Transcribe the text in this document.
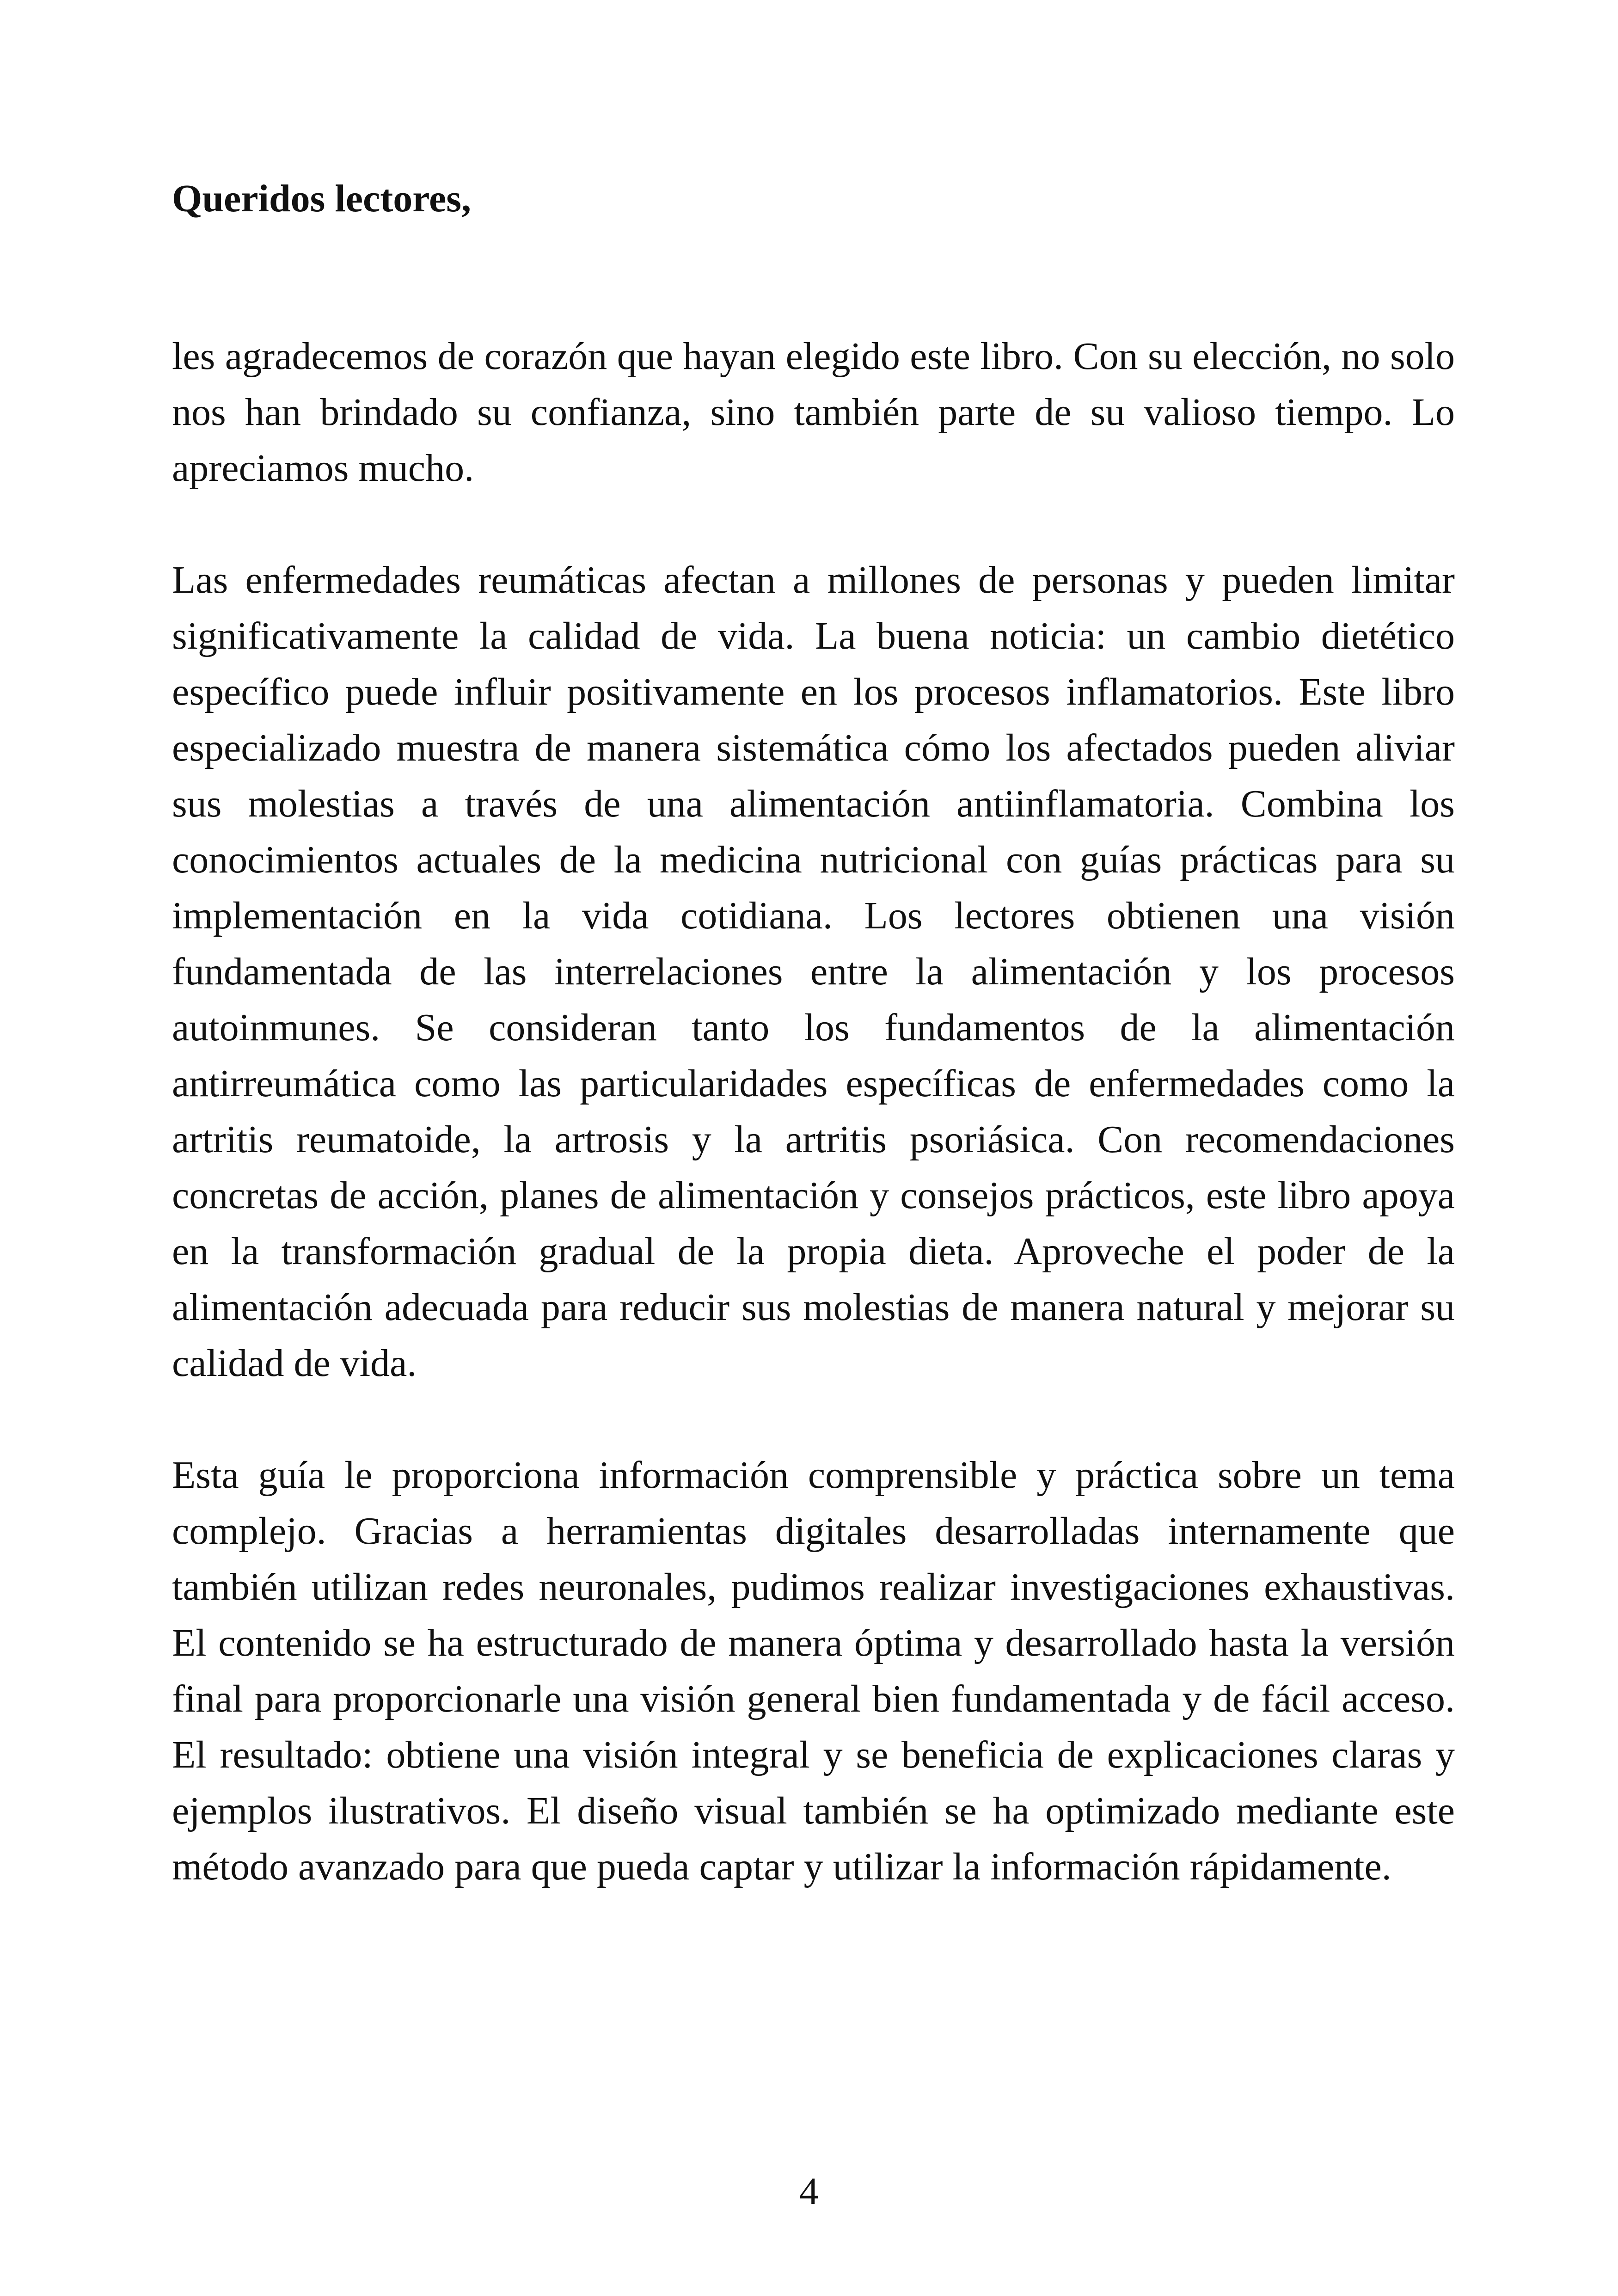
Queridos lectores,

les agradecemos de corazón que hayan elegido este libro. Con su elección, no solo nos han brindado su confianza, sino también parte de su valioso tiempo. Lo apreciamos mucho.

Las enfermedades reumáticas afectan a millones de personas y pueden limitar significativamente la calidad de vida. La buena noticia: un cambio dietético específico puede influir positivamente en los procesos inflamatorios. Este libro especializado muestra de manera sistemática cómo los afectados pueden aliviar sus molestias a través de una alimentación antiinflamatoria. Combina los conocimientos actuales de la medicina nutricional con guías prácticas para su implementación en la vida cotidiana. Los lectores obtienen una visión fundamentada de las interrelaciones entre la alimentación y los procesos autoinmunes. Se consideran tanto los fundamentos de la alimentación antirreumática como las particularidades específicas de enfermedades como la artritis reumatoide, la artrosis y la artritis psoriásica. Con recomendaciones concretas de acción, planes de alimentación y consejos prácticos, este libro apoya en la transformación gradual de la propia dieta. Aproveche el poder de la alimentación adecuada para reducir sus molestias de manera natural y mejorar su calidad de vida.

Esta guía le proporciona información comprensible y práctica sobre un tema complejo. Gracias a herramientas digitales desarrolladas internamente que también utilizan redes neuronales, pudimos realizar investigaciones exhaustivas. El contenido se ha estructurado de manera óptima y desarrollado hasta la versión final para proporcionarle una visión general bien fundamentada y de fácil acceso. El resultado: obtiene una visión integral y se beneficia de explicaciones claras y ejemplos ilustrativos. El diseño visual también se ha optimizado mediante este método avanzado para que pueda captar y utilizar la información rápidamente.

4
